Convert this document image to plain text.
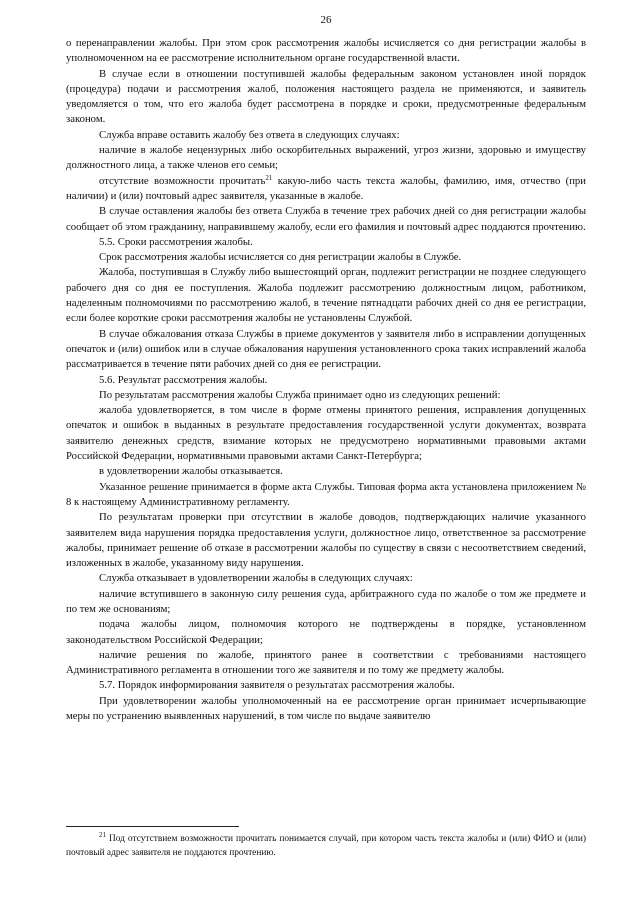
26

о перенаправлении жалобы. При этом срок рассмотрения жалобы исчисляется со дня регистрации жалобы в уполномоченном на ее рассмотрение исполнительном органе государственной власти.

В случае если в отношении поступившей жалобы федеральным законом установлен иной порядок (процедура) подачи и рассмотрения жалоб, положения настоящего раздела не применяются, и заявитель уведомляется о том, что его жалоба будет рассмотрена в порядке и сроки, предусмотренные федеральным законом.

Служба вправе оставить жалобу без ответа в следующих случаях:

наличие в жалобе нецензурных либо оскорбительных выражений, угроз жизни, здоровью и имуществу должностного лица, а также членов его семьи;

отсутствие возможности прочитать$^{21}$ какую-либо часть текста жалобы, фамилию, имя, отчество (при наличии) и (или) почтовый адрес заявителя, указанные в жалобе.

В случае оставления жалобы без ответа Служба в течение трех рабочих дней со дня регистрации жалобы сообщает об этом гражданину, направившему жалобу, если его фамилия и почтовый адрес поддаются прочтению.

5.5. Сроки рассмотрения жалобы.

Срок рассмотрения жалобы исчисляется со дня регистрации жалобы в Службе.

Жалоба, поступившая в Службу либо вышестоящий орган, подлежит регистрации не позднее следующего рабочего дня со дня ее поступления. Жалоба подлежит рассмотрению должностным лицом, работником, наделенным полномочиями по рассмотрению жалоб, в течение пятнадцати рабочих дней со дня ее регистрации, если более короткие сроки рассмотрения жалобы не установлены Службой.

В случае обжалования отказа Службы в приеме документов у заявителя либо в исправлении допущенных опечаток и (или) ошибок или в случае обжалования нарушения установленного срока таких исправлений жалоба рассматривается в течение пяти рабочих дней со дня ее регистрации.

5.6. Результат рассмотрения жалобы.

По результатам рассмотрения жалобы Служба принимает одно из следующих решений:

жалоба удовлетворяется, в том числе в форме отмены принятого решения, исправления допущенных опечаток и ошибок в выданных в результате предоставления государственной услуги документах, возврата заявителю денежных средств, взимание которых не предусмотрено нормативными правовыми актами Российской Федерации, нормативными правовыми актами Санкт-Петербурга;

в удовлетворении жалобы отказывается.

Указанное решение принимается в форме акта Службы. Типовая форма акта установлена приложением № 8 к настоящему Административному регламенту.

По результатам проверки при отсутствии в жалобе доводов, подтверждающих наличие указанного заявителем вида нарушения порядка предоставления услуги, должностное лицо, ответственное за рассмотрение жалобы, принимает решение об отказе в рассмотрении жалобы по существу в связи с несоответствием сведений, изложенных в жалобе, указанному виду нарушения.

Служба отказывает в удовлетворении жалобы в следующих случаях:

наличие вступившего в законную силу решения суда, арбитражного суда по жалобе о том же предмете и по тем же основаниям;

подача жалобы лицом, полномочия которого не подтверждены в порядке, установленном законодательством Российской Федерации;

наличие решения по жалобе, принятого ранее в соответствии с требованиями настоящего Административного регламента в отношении того же заявителя и по тому же предмету жалобы.

5.7. Порядок информирования заявителя о результатах рассмотрения жалобы.

При удовлетворении жалобы уполномоченный на ее рассмотрение орган принимает исчерпывающие меры по устранению выявленных нарушений, в том числе по выдаче заявителю

$^{21}$ Под отсутствием возможности прочитать понимается случай, при котором часть текста жалобы и (или) ФИО и (или) почтовый адрес заявителя не поддаются прочтению.
